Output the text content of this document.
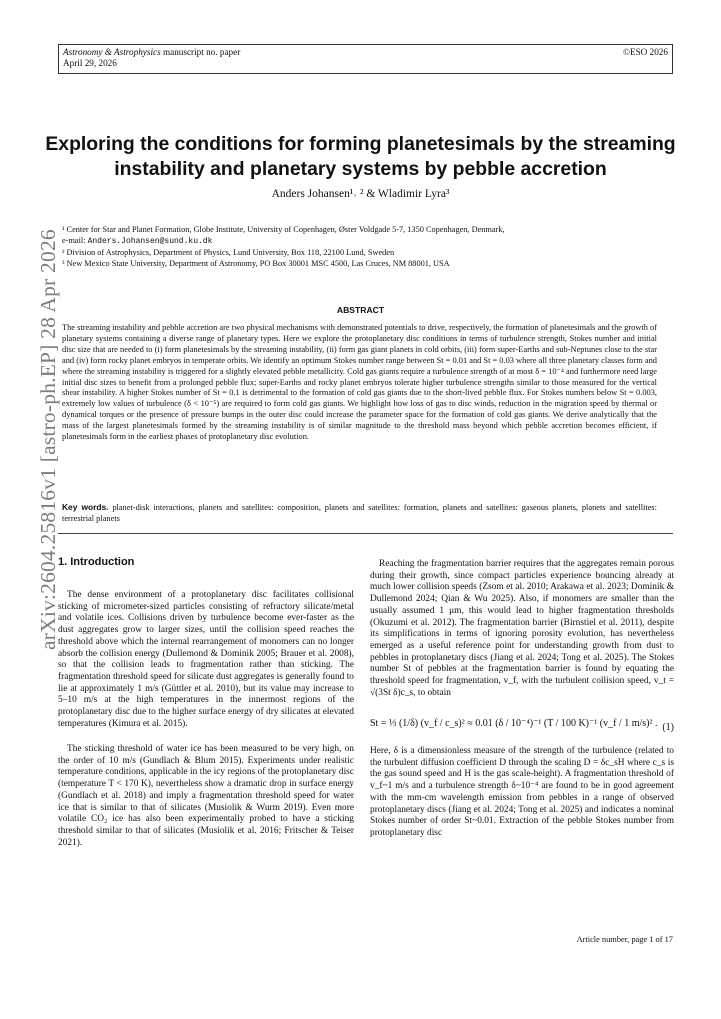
Astronomy & Astrophysics manuscript no. paper
April 29, 2026
©ESO 2026
arXiv:2604.25816v1 [astro-ph.EP] 28 Apr 2026
Exploring the conditions for forming planetesimals by the streaming instability and planetary systems by pebble accretion
Anders Johansen¹˒ ² & Wladimir Lyra³
¹ Center for Star and Planet Formation, Globe Institute, University of Copenhagen, Øster Voldgade 5-7, 1350 Copenhagen, Denmark,
e-mail: Anders.Johansen@sund.ku.dk
² Division of Astrophysics, Department of Physics, Lund University, Box 118, 22100 Lund, Sweden
³ New Mexico State University, Department of Astronomy, PO Box 30001 MSC 4500, Las Cruces, NM 88001, USA
ABSTRACT
The streaming instability and pebble accretion are two physical mechanisms with demonstrated potentials to drive, respectively, the formation of planetesimals and the growth of planetary systems containing a diverse range of planetary types. Here we explore the protoplanetary disc conditions in terms of turbulence strength, Stokes number and initial disc size that are needed to (i) form planetesimals by the streaming instability, (ii) form gas giant planets in cold orbits, (iii) form super-Earths and sub-Neptunes close to the star and (iv) form rocky planet embryos in temperate orbits. We identify an optimum Stokes number range between St = 0.01 and St = 0.03 where all three planetary classes form and where the streaming instability is triggered for a slightly elevated pebble metallicity. Cold gas giants require a turbulence strength of at most δ = 10⁻⁴ and furthermore need large initial disc sizes to benefit from a prolonged pebble flux; super-Earths and rocky planet embryos tolerate higher turbulence strengths similar to those measured for the vertical shear instability. A higher Stokes number of St = 0.1 is detrimental to the formation of cold gas giants due to the short-lived pebble flux. For Stokes numbers below St = 0.003, extremely low values of turbulence (δ < 10⁻⁵) are required to form cold gas giants. We highlight how loss of gas to disc winds, reduction in the migration speed by thermal or dynamical torques or the presence of pressure bumps in the outer disc could increase the parameter space for the formation of cold gas giants. We derive analytically that the mass of the largest planetesimals formed by the streaming instability is of similar magnitude to the threshold mass beyond which pebble accretion becomes efficient, if planetesimals form in the earliest phases of protoplanetary disc evolution.
Key words. planet-disk interactions, planets and satellites: composition, planets and satellites: formation, planets and satellites: gaseous planets, planets and satellites: terrestrial planets
1. Introduction

The dense environment of a protoplanetary disc facilitates collisional sticking of micrometer-sized particles consisting of refractory silicate/metal and volatile ices. Collisions driven by turbulence become ever-faster as the dust aggregates grow to larger sizes, until the collision speed reaches the threshold above which the internal rearrangement of monomers can no longer absorb the collision energy (Dullemond & Dominik 2005; Brauer et al. 2008), so that the collision leads to fragmentation rather than sticking. The fragmentation threshold speed for silicate dust aggregates is generally found to lie at approximately 1 m/s (Güttler et al. 2010), but its value may increase to 5–10 m/s at the high temperatures in the innermost regions of the protoplanetary disc due to the higher surface energy of dry silicates at elevated temperatures (Kimura et al. 2015).

The sticking threshold of water ice has been measured to be very high, on the order of 10 m/s (Gundlach & Blum 2015). Experiments under realistic temperature conditions, applicable in the icy regions of the protoplanetary disc (temperature T < 170 K), nevertheless show a dramatic drop in surface energy (Gundlach et al. 2018) and imply a fragmentation threshold speed for water ice that is similar to that of silicates (Musiolik & Wurm 2019). Even more volatile CO₂ ice has also been experimentally probed to have a sticking threshold similar to that of silicates (Musiolik et al. 2016; Fritscher & Teiser 2021).

Reaching the fragmentation barrier requires that the aggregates remain porous during their growth, since compact particles experience bouncing already at much lower collision speeds (Zsom et al. 2010; Arakawa et al. 2023; Dominik & Dullemond 2024; Qian & Wu 2025). Also, if monomers are smaller than the usually assumed 1 μm, this would lead to higher fragmentation thresholds (Okuzumi et al. 2012). The fragmentation barrier (Birnstiel et al. 2011), despite its simplifications in terms of ignoring porosity evolution, has nevertheless emerged as a useful reference point for understanding growth from dust to pebbles in protoplanetary discs (Jiang et al. 2024; Tong et al. 2025). The Stokes number St of pebbles at the fragmentation barrier is found by equating the threshold speed for fragmentation, v_f, with the turbulent collision speed, v_t = √(3St δ)c_s, to obtain

St = ⅓ (1/δ) (v_f / c_s)² ≈ 0.01 (δ / 10⁻⁴)⁻¹ (T / 100 K)⁻¹ (v_f / 1 m/s)² . (1)

Here, δ is a dimensionless measure of the strength of the turbulence (related to the turbulent diffusion coefficient D through the scaling D = δc_sH where c_s is the gas sound speed and H is the gas scale-height). A fragmentation threshold of v_f~1 m/s and a turbulence strength δ~10⁻⁴ are found to be in good agreement with the mm-cm wavelength emission from pebbles in a range of observed protoplanetary discs (Jiang et al. 2024; Tong et al. 2025) and indicates a nominal Stokes number of order St~0.01. Extraction of the pebble Stokes number from protoplanetary disc

Article number, page 1 of 17
